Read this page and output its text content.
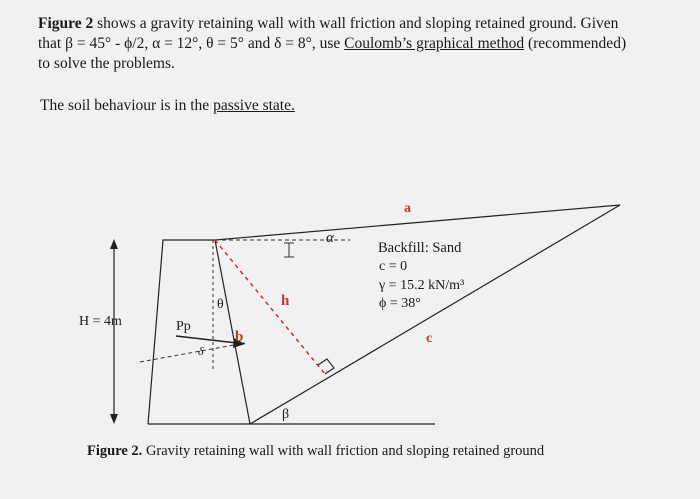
Figure 2 shows a gravity retaining wall with wall friction and sloping retained ground. Given that β = 45° - ϕ/2, α = 12°, θ = 5° and δ = 8°, use Coulomb’s graphical method (recommended) to solve the problems.
The soil behaviour is in the passive state.
a
α
θ	h
b	c
Pp
δ
β
H = 4m
Backfill: Sand
c = 0
γ = 15.2 kN/m³
ϕ = 38°
Figure 2. Gravity retaining wall with wall friction and sloping retained ground
